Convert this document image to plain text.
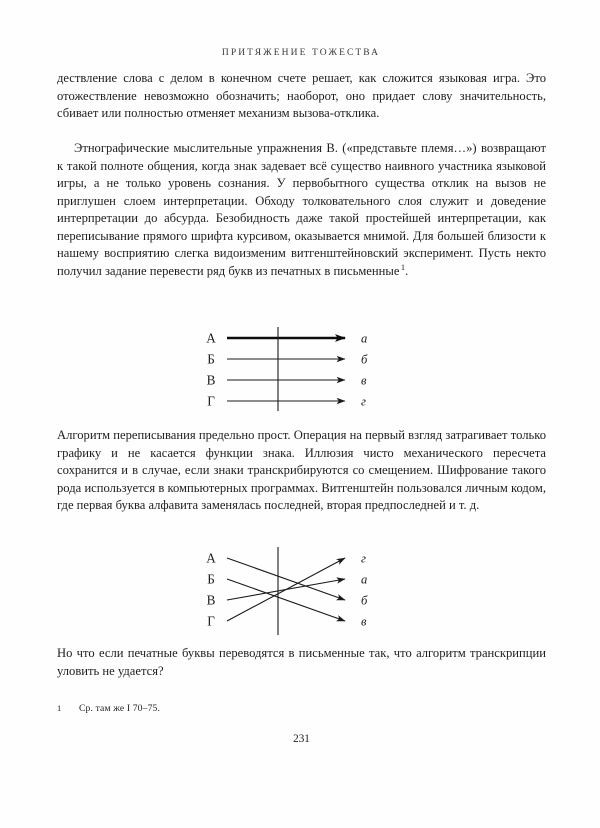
ПРИТЯЖЕНИЕ ТОЖЕСТВА

дествление слова с делом в конечном счете решает, как сложится языковая игра. Это отожествление невозможно обозначить; наоборот, оно придает слову значительность, сбивает или полностью отменяет механизм вызова-отклика.

Этнографические мыслительные упражнения В. («представьте племя…») возвращают к такой полноте общения, когда знак задевает всё существо наивного участника языковой игры, а не только уровень сознания. У первобытного существа отклик на вызов не приглушен слоем интерпретации. Обходу толковательного слоя служит и доведение интерпретации до абсурда. Безобидность даже такой простейшей интерпретации, как переписывание прямого шрифта курсивом, оказывается мнимой. Для большей близости к нашему восприятию слегка видоизменим витгенштейновский эксперимент. Пусть некто получил задание перевести ряд букв из печатных в письменные $^1$.

А
Б
В
Г
а
б
в
г

Алгоритм переписывания предельно прост. Операция на первый взгляд затрагивает только графику и не касается функции знака. Иллюзия чисто механического пересчета сохранится и в случае, если знаки транскрибируются со смещением. Шифрование такого рода используется в компьютерных программах. Витгенштейн пользовался личным кодом, где первая буква алфавита заменялась последней, вторая предпоследней и т. д.

А
Б
В
Г
г
а
б
в

Но что если печатные буквы переводятся в письменные так, что алгоритм транскрипции уловить не удается?

1 Ср. там же I 70–75.
231
